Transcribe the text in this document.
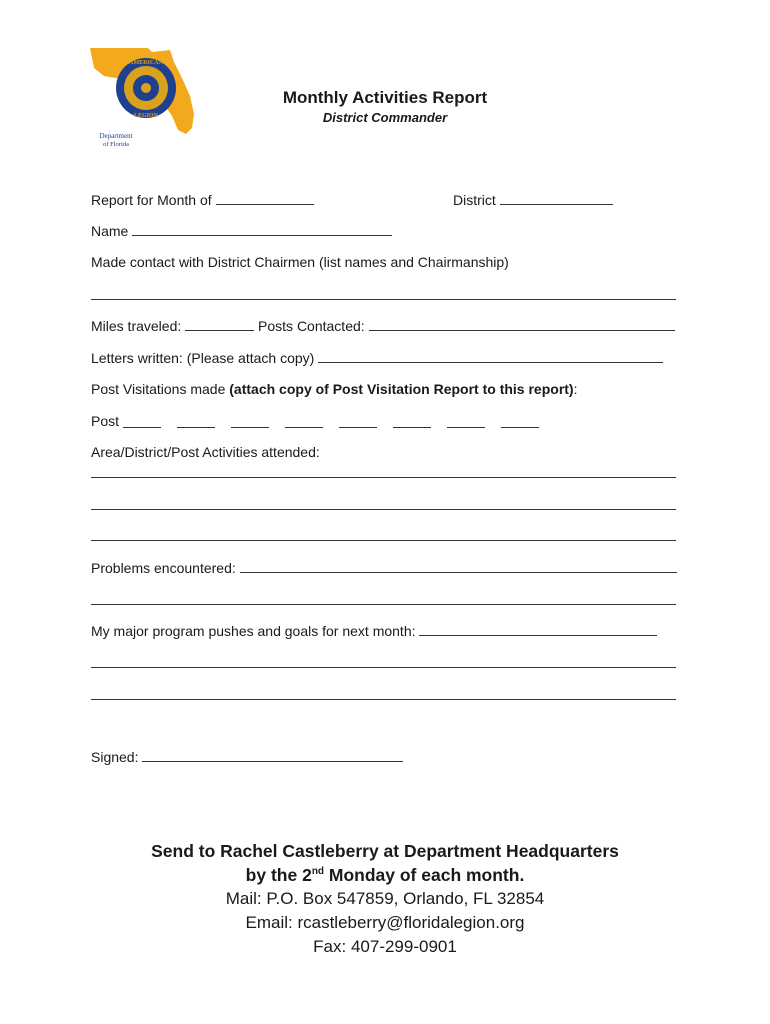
AMERICAN
LEGION
Department
of Florida
Monthly Activities Report
District Commander
Report for Month of	District
Name
Made contact with District Chairmen (list names and Chairmanship)
Miles traveled:	Posts Contacted:
Letters written: (Please attach copy)
Post Visitations made (attach copy of Post Visitation Report to this report):
Post
Area/District/Post Activities attended:
Problems encountered:
My major program pushes and goals for next month:
Signed:
Send to Rachel Castleberry at Department Headquarters
by the 2nd Monday of each month.
Mail: P.O. Box 547859, Orlando, FL 32854
Email: rcastleberry@floridalegion.org
Fax: 407-299-0901
